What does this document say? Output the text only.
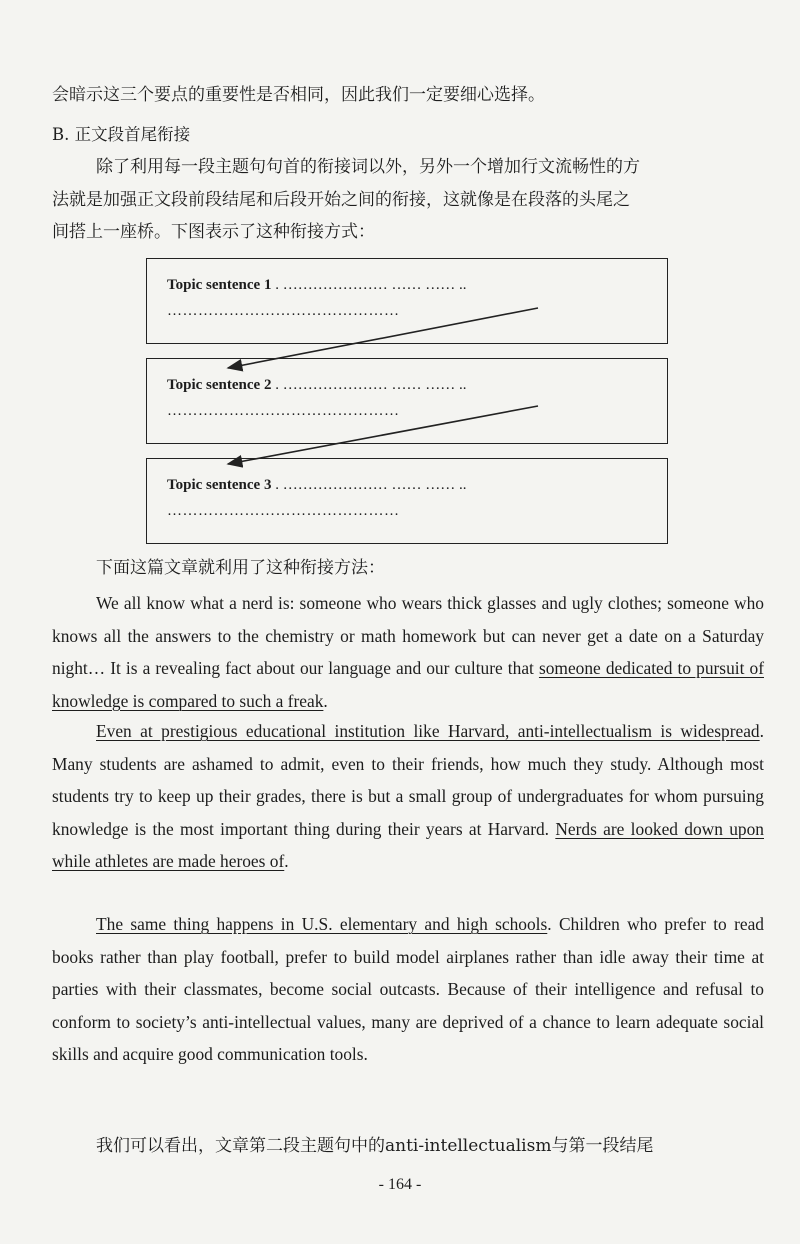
会暗示这三个要点的重要性是否相同，因此我们一定要细心选择。
B. 正文段首尾衔接
除了利用每一段主题句句首的衔接词以外，另外一个增加行文流畅性的方
法就是加强正文段前段结尾和后段开始之间的衔接，这就像是在段落的头尾之
间搭上一座桥。下图表示了这种衔接方式：
Topic sentence 1 . ………………… …… …… ..
………………………………………
Topic sentence 2 . ………………… …… …… ..
………………………………………
Topic sentence 3 . ………………… …… …… ..
………………………………………
下面这篇文章就利用了这种衔接方法：
We all know what a nerd is: someone who wears thick glasses and ugly clothes; someone who knows all the answers to the chemistry or math homework but can never get a date on a Saturday night… It is a revealing fact about our language and our culture that someone dedicated to pursuit of knowledge is compared to such a freak.
Even at prestigious educational institution like Harvard, anti-intellectualism is widespread. Many students are ashamed to admit, even to their friends, how much they study. Although most students try to keep up their grades, there is but a small group of undergraduates for whom pursuing knowledge is the most important thing during their years at Harvard. Nerds are looked down upon while athletes are made heroes of.
The same thing happens in U.S. elementary and high schools. Children who prefer to read books rather than play football, prefer to build model airplanes rather than idle away their time at parties with their classmates, become social outcasts. Because of their intelligence and refusal to conform to society’s anti-intellectual values, many are deprived of a chance to learn adequate social skills and acquire good communication tools.
我们可以看出，文章第二段主题句中的anti-intellectualism与第一段结尾
- 164 -
